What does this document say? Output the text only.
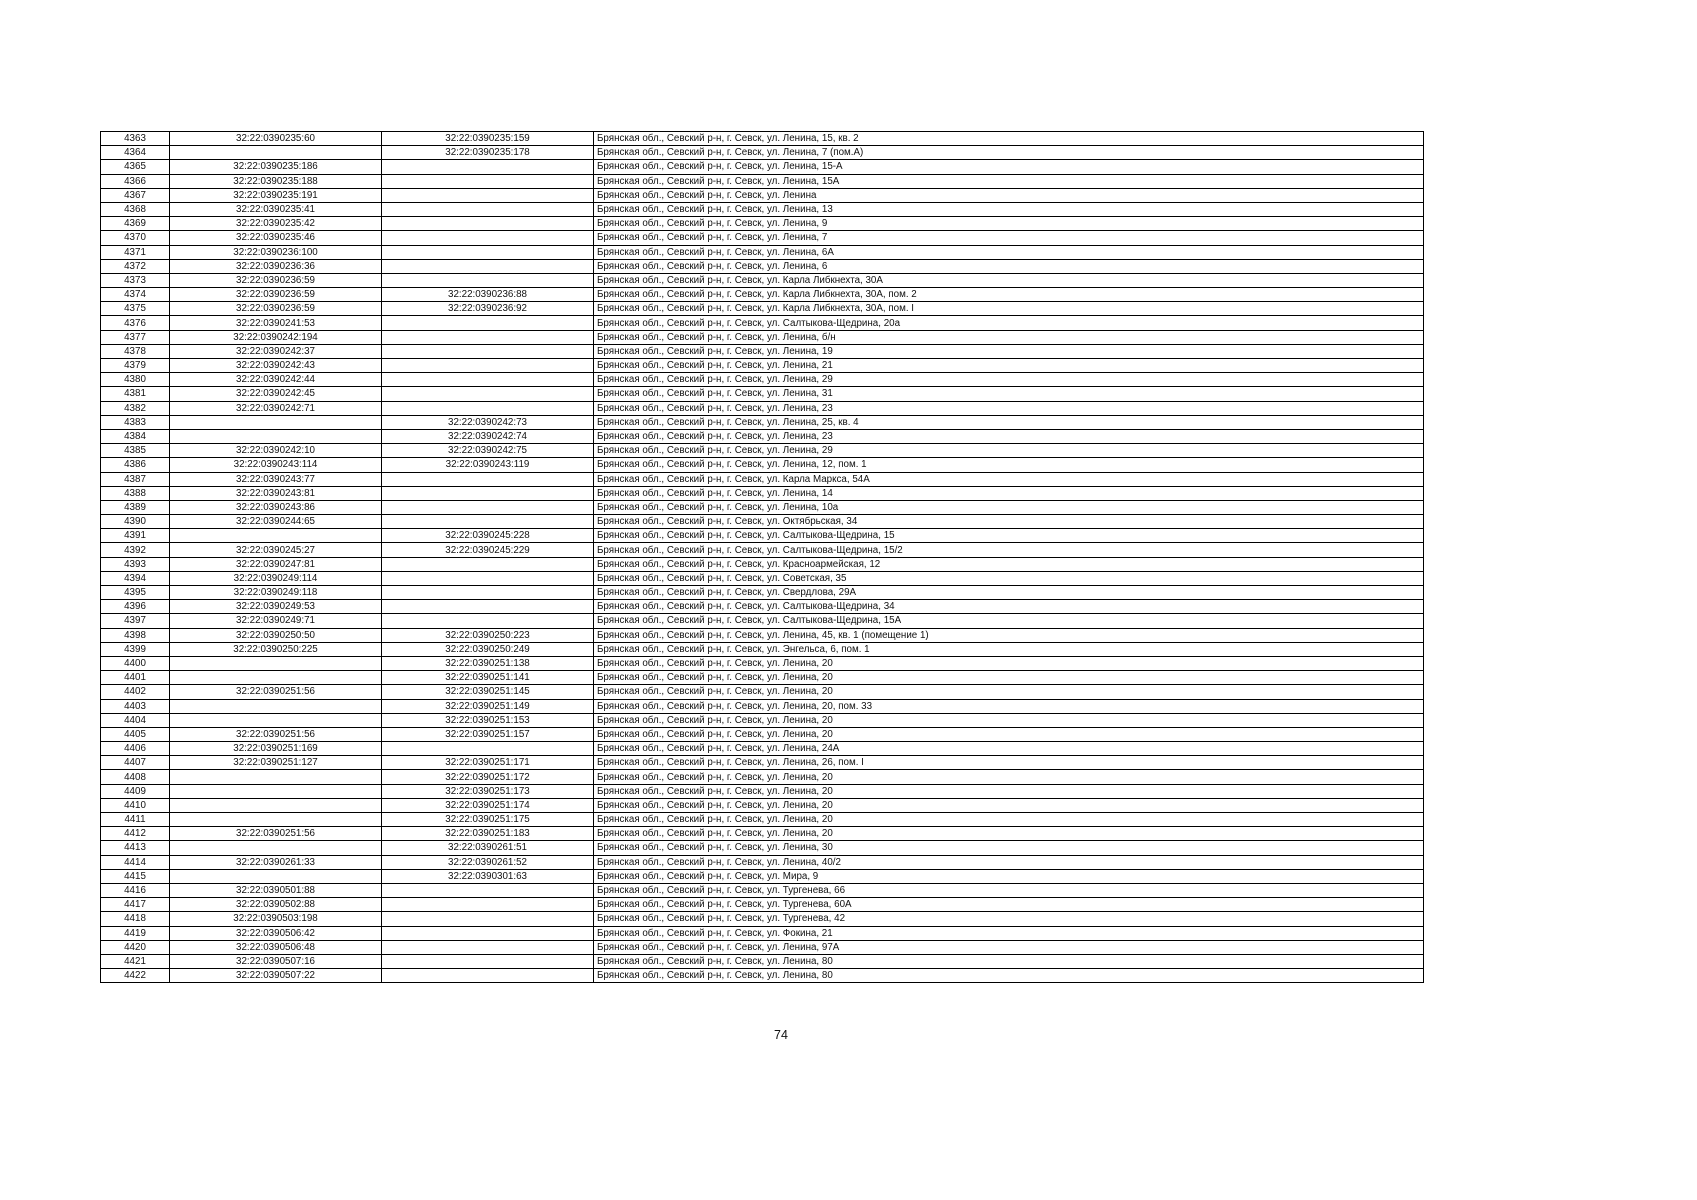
4363	32:22:0390235:60	32:22:0390235:159	Брянская обл., Севский р-н, г. Севск, ул. Ленина, 15, кв. 2
4364		32:22:0390235:178	Брянская обл., Севский р-н, г. Севск, ул. Ленина, 7 (пом.А)
4365	32:22:0390235:186		Брянская обл., Севский р-н, г. Севск, ул. Ленина, 15-А
4366	32:22:0390235:188		Брянская обл., Севский р-н, г. Севск, ул. Ленина, 15А
4367	32:22:0390235:191		Брянская обл., Севский р-н, г. Севск, ул. Ленина
4368	32:22:0390235:41		Брянская обл., Севский р-н, г. Севск, ул. Ленина, 13
4369	32:22:0390235:42		Брянская обл., Севский р-н, г. Севск, ул. Ленина, 9
4370	32:22:0390235:46		Брянская обл., Севский р-н, г. Севск, ул. Ленина, 7
4371	32:22:0390236:100		Брянская обл., Севский р-н, г. Севск, ул. Ленина, 6А
4372	32:22:0390236:36		Брянская обл., Севский р-н, г. Севск, ул. Ленина, 6
4373	32:22:0390236:59		Брянская обл., Севский р-н, г. Севск, ул. Карла Либкнехта, 30А
4374	32:22:0390236:59	32:22:0390236:88	Брянская обл., Севский р-н, г. Севск, ул. Карла Либкнехта, 30А, пом. 2
4375	32:22:0390236:59	32:22:0390236:92	Брянская обл., Севский р-н, г. Севск, ул. Карла Либкнехта, 30А, пом. I
4376	32:22:0390241:53		Брянская обл., Севский р-н, г. Севск, ул. Салтыкова-Щедрина, 20а
4377	32:22:0390242:194		Брянская обл., Севский р-н, г. Севск, ул. Ленина, б/н
4378	32:22:0390242:37		Брянская обл., Севский р-н, г. Севск, ул. Ленина, 19
4379	32:22:0390242:43		Брянская обл., Севский р-н, г. Севск, ул. Ленина, 21
4380	32:22:0390242:44		Брянская обл., Севский р-н, г. Севск, ул. Ленина, 29
4381	32:22:0390242:45		Брянская обл., Севский р-н, г. Севск, ул. Ленина, 31
4382	32:22:0390242:71		Брянская обл., Севский р-н, г. Севск, ул. Ленина, 23
4383		32:22:0390242:73	Брянская обл., Севский р-н, г. Севск, ул. Ленина, 25, кв. 4
4384		32:22:0390242:74	Брянская обл., Севский р-н, г. Севск, ул. Ленина, 23
4385	32:22:0390242:10	32:22:0390242:75	Брянская обл., Севский р-н, г. Севск, ул. Ленина, 29
4386	32:22:0390243:114	32:22:0390243:119	Брянская обл., Севский р-н, г. Севск, ул. Ленина, 12, пом. 1
4387	32:22:0390243:77		Брянская обл., Севский р-н, г. Севск, ул. Карла Маркса, 54А
4388	32:22:0390243:81		Брянская обл., Севский р-н, г. Севск, ул. Ленина, 14
4389	32:22:0390243:86		Брянская обл., Севский р-н, г. Севск, ул. Ленина, 10а
4390	32:22:0390244:65		Брянская обл., Севский р-н, г. Севск, ул. Октябрьская, 34
4391		32:22:0390245:228	Брянская обл., Севский р-н, г. Севск, ул. Салтыкова-Щедрина, 15
4392	32:22:0390245:27	32:22:0390245:229	Брянская обл., Севский р-н, г. Севск, ул. Салтыкова-Щедрина, 15/2
4393	32:22:0390247:81		Брянская обл., Севский р-н, г. Севск, ул. Красноармейская, 12
4394	32:22:0390249:114		Брянская обл., Севский р-н, г. Севск, ул. Советская, 35
4395	32:22:0390249:118		Брянская обл., Севский р-н, г. Севск, ул. Свердлова, 29А
4396	32:22:0390249:53		Брянская обл., Севский р-н, г. Севск, ул. Салтыкова-Щедрина, 34
4397	32:22:0390249:71		Брянская обл., Севский р-н, г. Севск, ул. Салтыкова-Щедрина, 15А
4398	32:22:0390250:50	32:22:0390250:223	Брянская обл., Севский р-н, г. Севск, ул. Ленина, 45, кв. 1 (помещение 1)
4399	32:22:0390250:225	32:22:0390250:249	Брянская обл., Севский р-н, г. Севск, ул. Энгельса, 6, пом. 1
4400		32:22:0390251:138	Брянская обл., Севский р-н, г. Севск, ул. Ленина, 20
4401		32:22:0390251:141	Брянская обл., Севский р-н, г. Севск, ул. Ленина, 20
4402	32:22:0390251:56	32:22:0390251:145	Брянская обл., Севский р-н, г. Севск, ул. Ленина, 20
4403		32:22:0390251:149	Брянская обл., Севский р-н, г. Севск, ул. Ленина, 20, пом. 33
4404		32:22:0390251:153	Брянская обл., Севский р-н, г. Севск, ул. Ленина, 20
4405	32:22:0390251:56	32:22:0390251:157	Брянская обл., Севский р-н, г. Севск, ул. Ленина, 20
4406	32:22:0390251:169		Брянская обл., Севский р-н, г. Севск, ул. Ленина, 24А
4407	32:22:0390251:127	32:22:0390251:171	Брянская обл., Севский р-н, г. Севск, ул. Ленина, 26, пом. I
4408		32:22:0390251:172	Брянская обл., Севский р-н, г. Севск, ул. Ленина, 20
4409		32:22:0390251:173	Брянская обл., Севский р-н, г. Севск, ул. Ленина, 20
4410		32:22:0390251:174	Брянская обл., Севский р-н, г. Севск, ул. Ленина, 20
4411		32:22:0390251:175	Брянская обл., Севский р-н, г. Севск, ул. Ленина, 20
4412	32:22:0390251:56	32:22:0390251:183	Брянская обл., Севский р-н, г. Севск, ул. Ленина, 20
4413		32:22:0390261:51	Брянская обл., Севский р-н, г. Севск, ул. Ленина, 30
4414	32:22:0390261:33	32:22:0390261:52	Брянская обл., Севский р-н, г. Севск, ул. Ленина, 40/2
4415		32:22:0390301:63	Брянская обл., Севский р-н, г. Севск, ул. Мира, 9
4416	32:22:0390501:88		Брянская обл., Севский р-н, г. Севск, ул. Тургенева, 66
4417	32:22:0390502:88		Брянская обл., Севский р-н, г. Севск, ул. Тургенева, 60А
4418	32:22:0390503:198		Брянская обл., Севский р-н, г. Севск, ул. Тургенева, 42
4419	32:22:0390506:42		Брянская обл., Севский р-н, г. Севск, ул. Фокина, 21
4420	32:22:0390506:48		Брянская обл., Севский р-н, г. Севск, ул. Ленина, 97А
4421	32:22:0390507:16		Брянская обл., Севский р-н, г. Севск, ул. Ленина, 80
4422	32:22:0390507:22		Брянская обл., Севский р-н, г. Севск, ул. Ленина, 80
74
